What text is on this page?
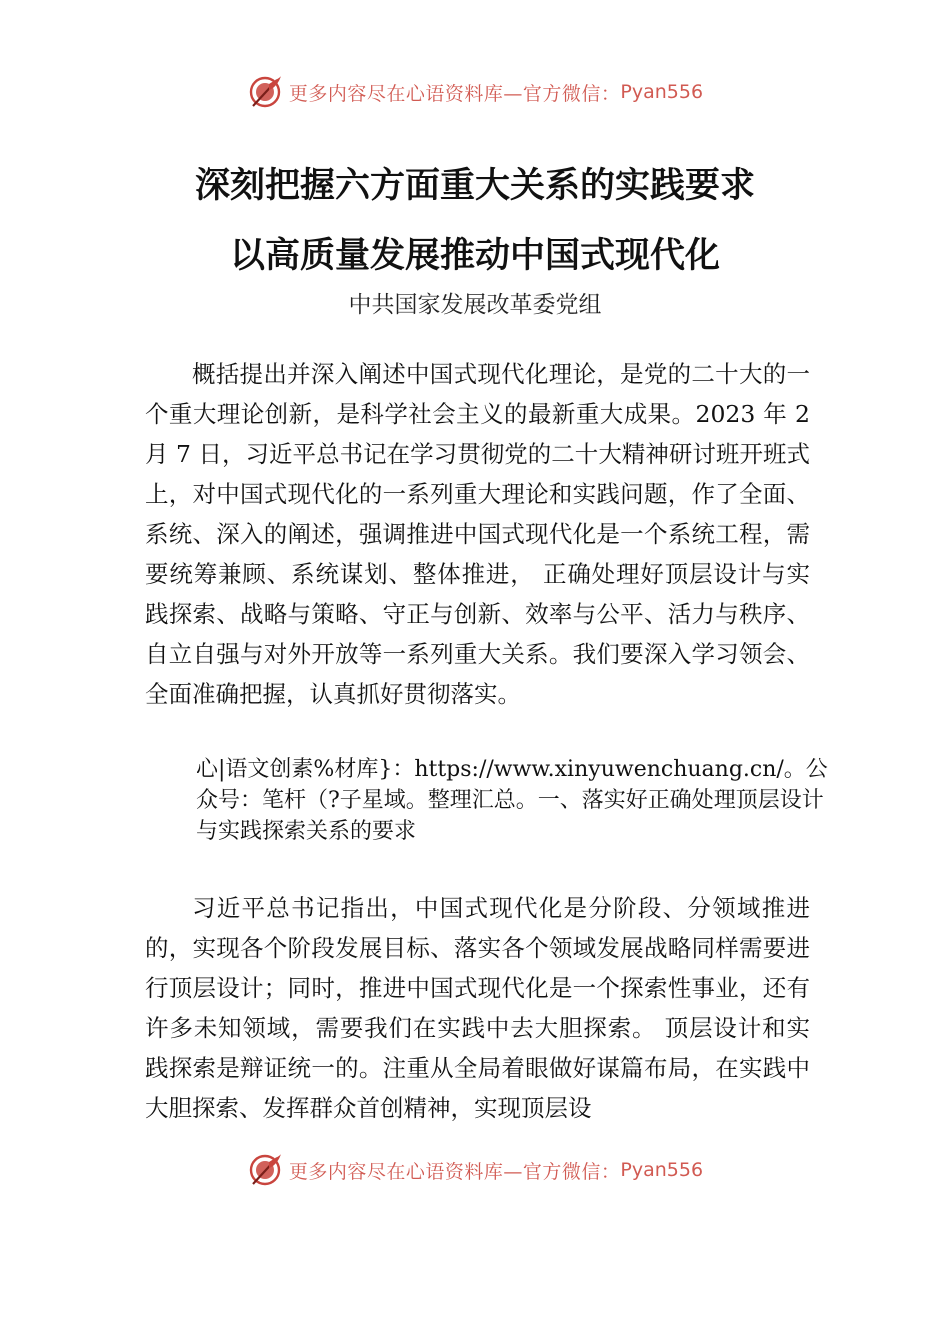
更多内容尽在心语资料库—官方微信： Pyan556
深刻把握六方面重大关系的实践要求
以高质量发展推动中国式现代化
中共国家发展改革委党组

概括提出并深入阐述中国式现代化理论，是党的二十大的一个重大理论创新，是科学社会主义的最新重大成果。2023 年 2 月 7 日，习近平总书记在学习贯彻党的二十大精神研讨班开班式上，对中国式现代化的一系列重大理论和实践问题，作了全面、系统、深入的阐述，强调推进中国式现代化是一个系统工程，需要统筹兼顾、系统谋划、整体推进， 正确处理好顶层设计与实践探索、战略与策略、守正与创新、效率与公平、活力与秩序、自立自强与对外开放等一系列重大关系。我们要深入学习领会、全面准确把握，认真抓好贯彻落实。

心|语文创素%材库}：https://www.xinyuwenchuang.cn/。公众号：笔杆（?子星域。整理汇总。一、落实好正确处理顶层设计与实践探索关系的要求

习近平总书记指出，中国式现代化是分阶段、分领域推进的，实现各个阶段发展目标、落实各个领域发展战略同样需要进行顶层设计；同时，推进中国式现代化是一个探索性事业，还有许多未知领域，需要我们在实践中去大胆探索。 顶层设计和实践探索是辩证统一的。注重从全局着眼做好谋篇布局，在实践中大胆探索、发挥群众首创精神，实现顶层设

更多内容尽在心语资料库—官方微信： Pyan556
